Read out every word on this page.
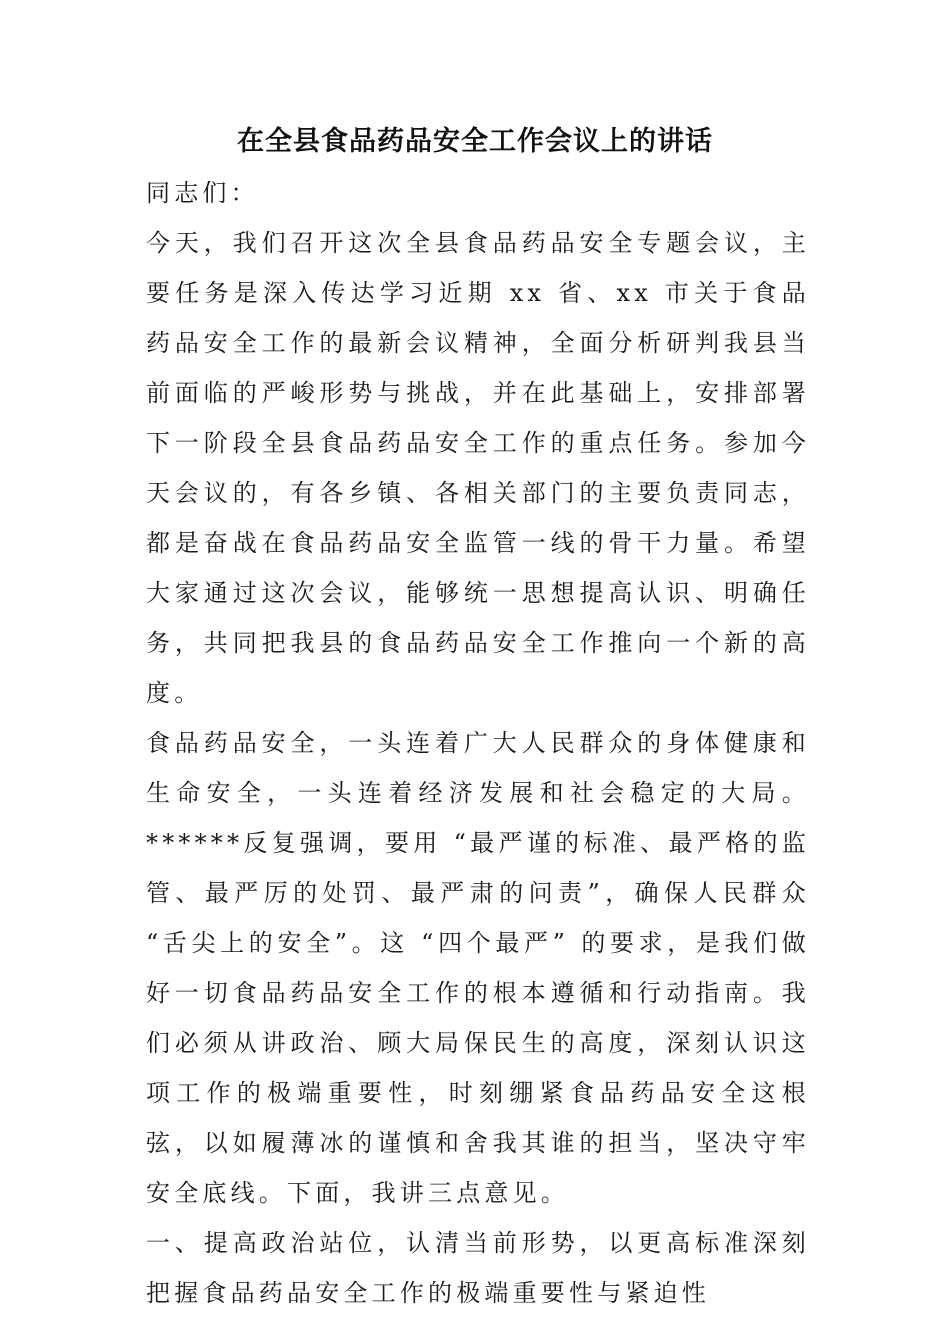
在全县食品药品安全工作会议上的讲话

同志们：

今天，我们召开这次全县食品药品安全专题会议，主要任务是深入传达学习近期 xx 省、xx 市关于食品药品安全工作的最新会议精神，全面分析研判我县当前面临的严峻形势与挑战，并在此基础上，安排部署下一阶段全县食品药品安全工作的重点任务。参加今天会议的，有各乡镇、各相关部门的主要负责同志，都是奋战在食品药品安全监管一线的骨干力量。希望大家通过这次会议，能够统一思想提高认识、明确任务，共同把我县的食品药品安全工作推向一个新的高度。

食品药品安全，一头连着广大人民群众的身体健康和生命安全，一头连着经济发展和社会稳定的大局。******反复强调，要用 “最严谨的标准、最严格的监管、最严厉的处罚、最严肃的问责”，确保人民群众 “舌尖上的安全”。这 “四个最严” 的要求，是我们做好一切食品药品安全工作的根本遵循和行动指南。我们必须从讲政治、顾大局保民生的高度，深刻认识这项工作的极端重要性，时刻绷紧食品药品安全这根弦，以如履薄冰的谨慎和舍我其谁的担当，坚决守牢安全底线。下面，我讲三点意见。

一、提高政治站位，认清当前形势，以更高标准深刻把握食品药品安全工作的极端重要性与紧迫性
